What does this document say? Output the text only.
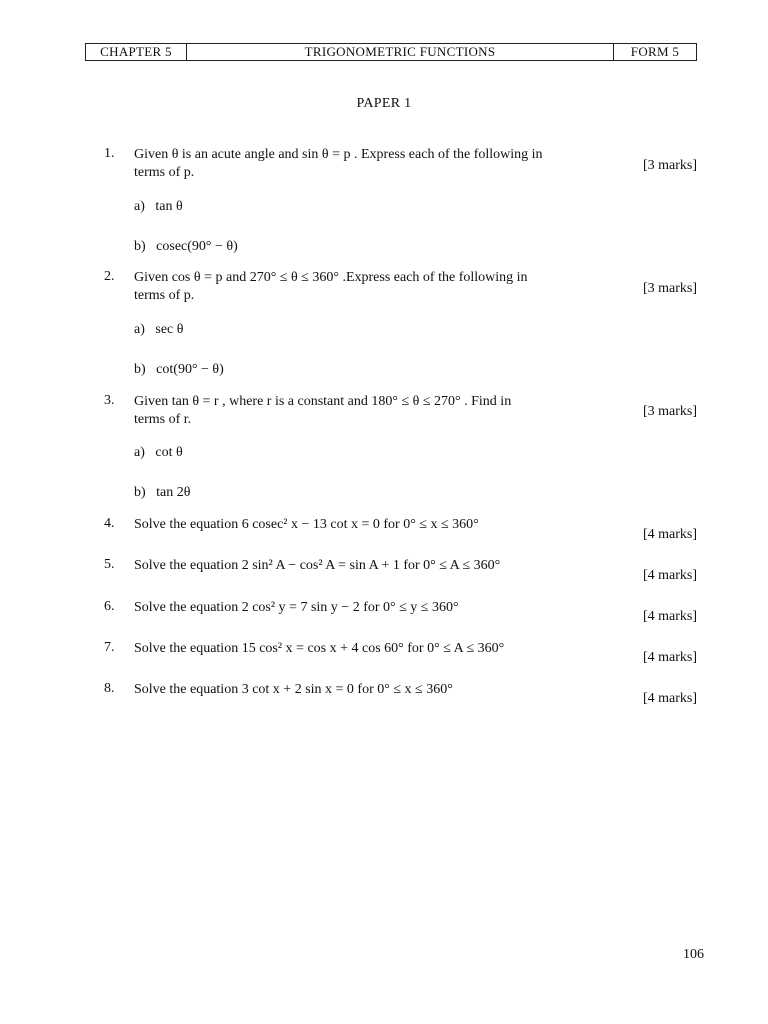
CHAPTER 5	TRIGONOMETRIC FUNCTIONS	FORM 5
PAPER 1
1. Given θ is an acute angle and sin θ = p . Express each of the following in
terms of p.	[3 marks]
a) tan θ
b) cosec(90° − θ)
2. Given cos θ = p and 270° ≤ θ ≤ 360° .Express each of the following in
terms of p.	[3 marks]
a) sec θ
b) cot(90° − θ)
3. Given tan θ = r , where r is a constant and 180° ≤ θ ≤ 270° . Find in
terms of r.
[3 marks]
a) cot θ
b) tan 2θ
4. Solve the equation 6 cosec² x − 13 cot x = 0 for 0° ≤ x ≤ 360°
[4 marks]
5. Solve the equation 2 sin² A − cos² A = sin A + 1 for 0° ≤ A ≤ 360°
[4 marks]
6. Solve the equation 2 cos² y = 7 sin y − 2 for 0° ≤ y ≤ 360°
[4 marks]
7. Solve the equation 15 cos² x = cos x + 4 cos 60° for 0° ≤ A ≤ 360°
[4 marks]
8. Solve the equation 3 cot x + 2 sin x = 0 for 0° ≤ x ≤ 360°
[4 marks]
106
